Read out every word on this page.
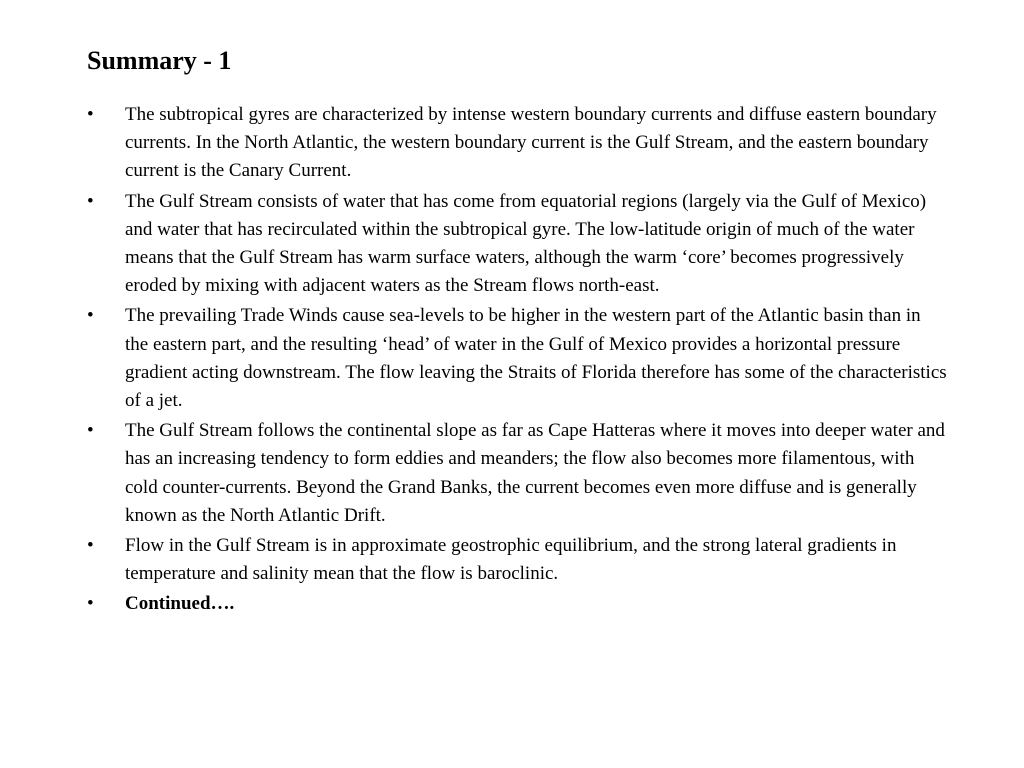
Summary - 1
•	The subtropical gyres are characterized by intense western boundary currents and diffuse eastern boundary currents. In the North Atlantic, the western boundary current is the Gulf Stream, and the eastern boundary current is the Canary Current.
•	The Gulf Stream consists of water that has come from equatorial regions (largely via the Gulf of Mexico) and water that has recirculated within the subtropical gyre. The low-latitude origin of much of the water means that the Gulf Stream has warm surface waters, although the warm ‘core’ becomes progressively eroded by mixing with adjacent waters as the Stream flows north-east.
•	The prevailing Trade Winds cause sea-levels to be higher in the western part of the Atlantic basin than in the eastern part, and the resulting ‘head’ of water in the Gulf of Mexico provides a horizontal pressure gradient acting downstream. The flow leaving the Straits of Florida therefore has some of the characteristics of a jet.
•	The Gulf Stream follows the continental slope as far as Cape Hatteras where it moves into deeper water and has an increasing tendency to form eddies and meanders; the flow also becomes more filamentous, with cold counter-currents. Beyond the Grand Banks, the current becomes even more diffuse and is generally known as the North Atlantic Drift.
•	Flow in the Gulf Stream is in approximate geostrophic equilibrium, and the strong lateral gradients in temperature and salinity mean that the flow is baroclinic.
•	Continued….
